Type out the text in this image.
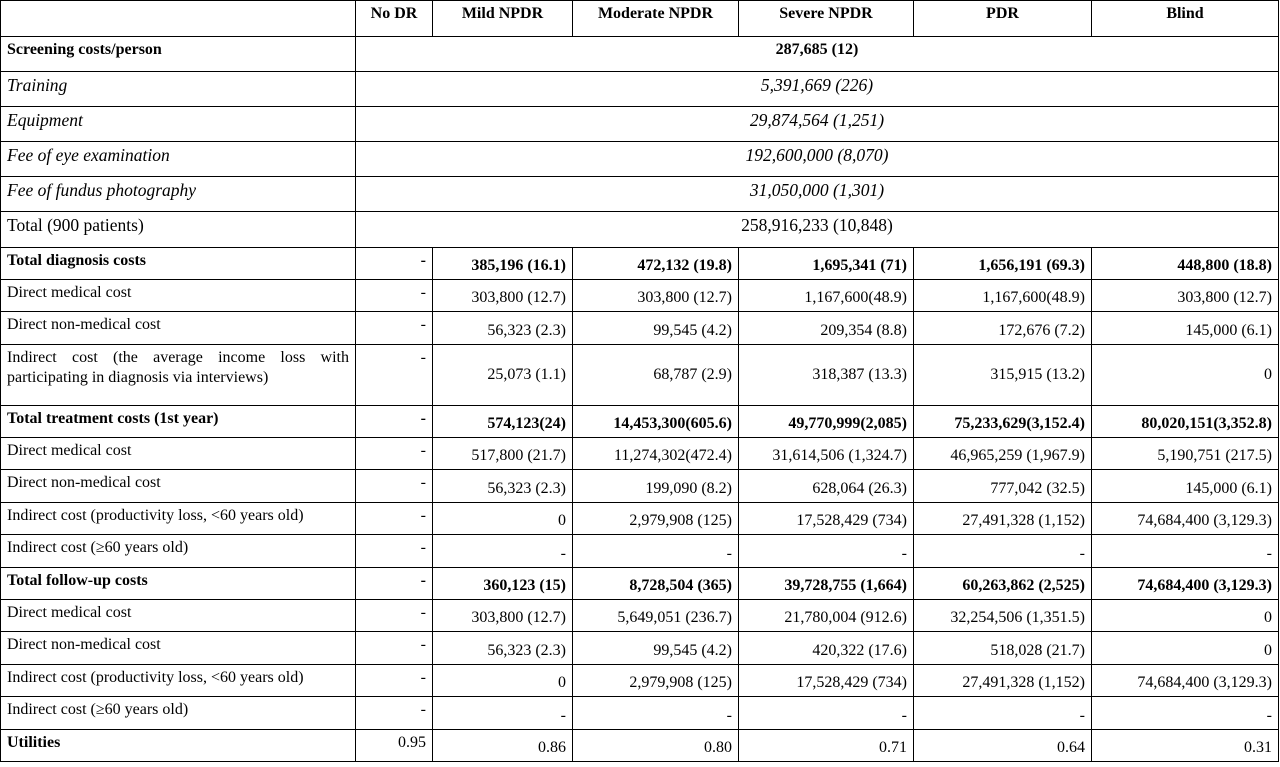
	No DR	Mild NPDR	Moderate NPDR	Severe NPDR	PDR	Blind
Screening costs/person	287,685 (12)					
Training	5,391,669 (226)					
Equipment	29,874,564 (1,251)					
Fee of eye examination	192,600,000 (8,070)					
Fee of fundus photography	31,050,000 (1,301)					
Total (900 patients)	258,916,233 (10,848)					
Total diagnosis costs	-	385,196 (16.1)	472,132 (19.8)	1,695,341 (71)	1,656,191 (69.3)	448,800 (18.8)
Direct medical cost	-	303,800 (12.7)	303,800 (12.7)	1,167,600(48.9)	1,167,600(48.9)	303,800 (12.7)
Direct non-medical cost	-	56,323 (2.3)	99,545 (4.2)	209,354 (8.8)	172,676 (7.2)	145,000 (6.1)
Indirect cost (the average income loss with participating in diagnosis via interviews)	-	25,073 (1.1)	68,787 (2.9)	318,387 (13.3)	315,915 (13.2)	0
Total treatment costs (1st year)	-	574,123(24)	14,453,300(605.6)	49,770,999(2,085)	75,233,629(3,152.4)	80,020,151(3,352.8)
Direct medical cost	-	517,800 (21.7)	11,274,302(472.4)	31,614,506 (1,324.7)	46,965,259 (1,967.9)	5,190,751 (217.5)
Direct non-medical cost	-	56,323 (2.3)	199,090 (8.2)	628,064 (26.3)	777,042 (32.5)	145,000 (6.1)
Indirect cost (productivity loss, <60 years old)	-	0	2,979,908 (125)	17,528,429 (734)	27,491,328 (1,152)	74,684,400 (3,129.3)
Indirect cost (≥60 years old)	-	-	-	-	-	-
Total follow-up costs	-	360,123 (15)	8,728,504 (365)	39,728,755 (1,664)	60,263,862 (2,525)	74,684,400 (3,129.3)
Direct medical cost	-	303,800 (12.7)	5,649,051 (236.7)	21,780,004 (912.6)	32,254,506 (1,351.5)	0
Direct non-medical cost	-	56,323 (2.3)	99,545 (4.2)	420,322 (17.6)	518,028 (21.7)	0
Indirect cost (productivity loss, <60 years old)	-	0	2,979,908 (125)	17,528,429 (734)	27,491,328 (1,152)	74,684,400 (3,129.3)
Indirect cost (≥60 years old)	-	-	-	-	-	-
Utilities	0.95	0.86	0.80	0.71	0.64	0.31
